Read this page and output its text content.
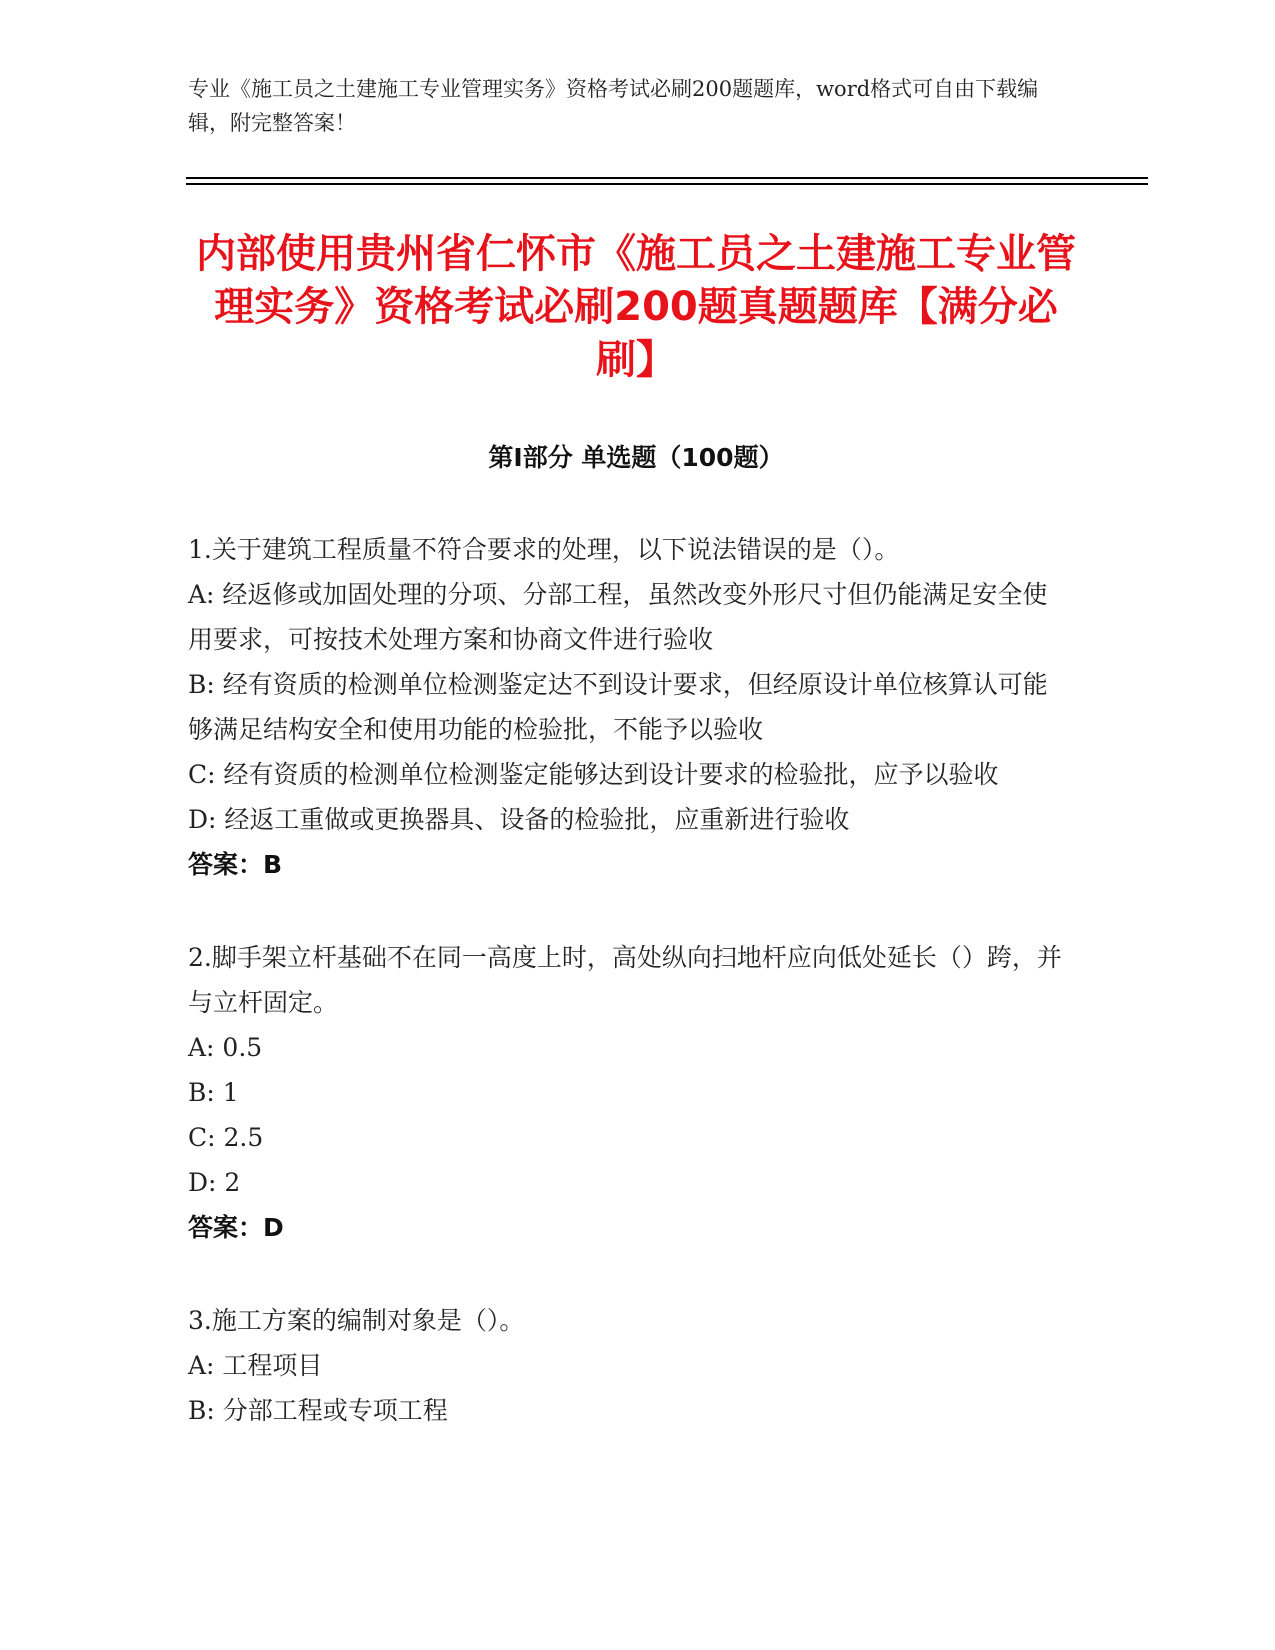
专业《施工员之土建施工专业管理实务》资格考试必刷200题题库，word格式可自由下载编辑，附完整答案！
内部使用贵州省仁怀市《施工员之土建施工专业管理实务》资格考试必刷200题真题题库【满分必刷】
第Ⅰ部分 单选题（100题）

1.关于建筑工程质量不符合要求的处理，以下说法错误的是（）。

A: 经返修或加固处理的分项、分部工程，虽然改变外形尺寸但仍能满足安全使用要求，可按技术处理方案和协商文件进行验收

B: 经有资质的检测单位检测鉴定达不到设计要求，但经原设计单位核算认可能够满足结构安全和使用功能的检验批，不能予以验收

C: 经有资质的检测单位检测鉴定能够达到设计要求的检验批，应予以验收

D: 经返工重做或更换器具、设备的检验批，应重新进行验收

答案：B

2.脚手架立杆基础不在同一高度上时，高处纵向扫地杆应向低处延长（）跨，并与立杆固定。

A: 0.5

B: 1

C: 2.5

D: 2

答案：D

3.施工方案的编制对象是（）。

A: 工程项目

B: 分部工程或专项工程
